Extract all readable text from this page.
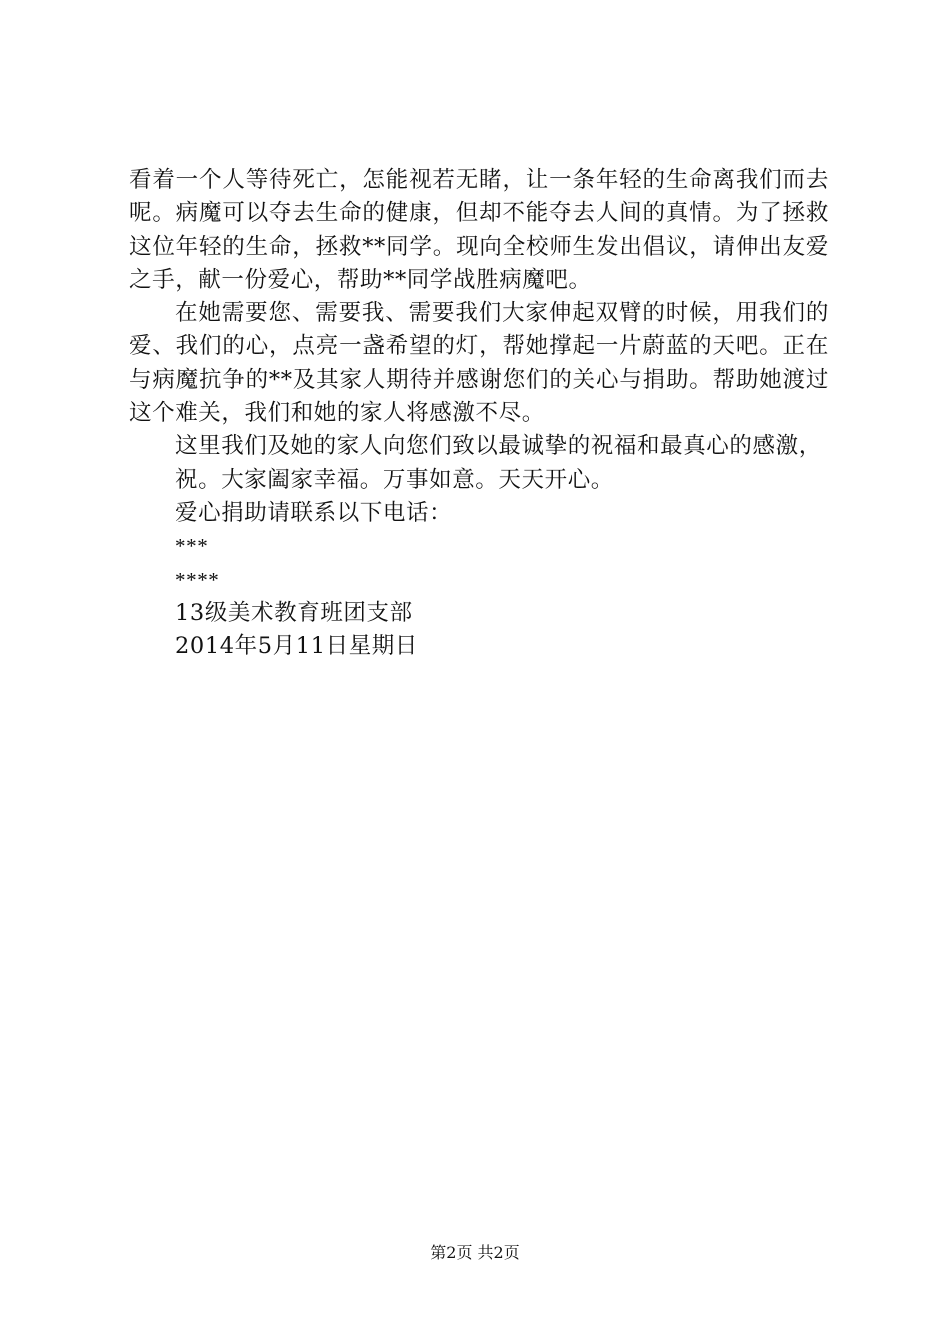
看着一个人等待死亡，怎能视若无睹，让一条年轻的生命离我们而去呢。病魔可以夺去生命的健康，但却不能夺去人间的真情。为了拯救这位年轻的生命，拯救**同学。现向全校师生发出倡议，请伸出友爱之手，献一份爱心，帮助**同学战胜病魔吧。

在她需要您、需要我、需要我们大家伸起双臂的时候，用我们的爱、我们的心，点亮一盏希望的灯，帮她撑起一片蔚蓝的天吧。正在与病魔抗争的**及其家人期待并感谢您们的关心与捐助。帮助她渡过这个难关，我们和她的家人将感激不尽。

这里我们及她的家人向您们致以最诚挚的祝福和最真心的感激，

祝。大家阖家幸福。万事如意。天天开心。

爱心捐助请联系以下电话：

***

****

13级美术教育班团支部

2014年5月11日星期日

第2页 共2页
